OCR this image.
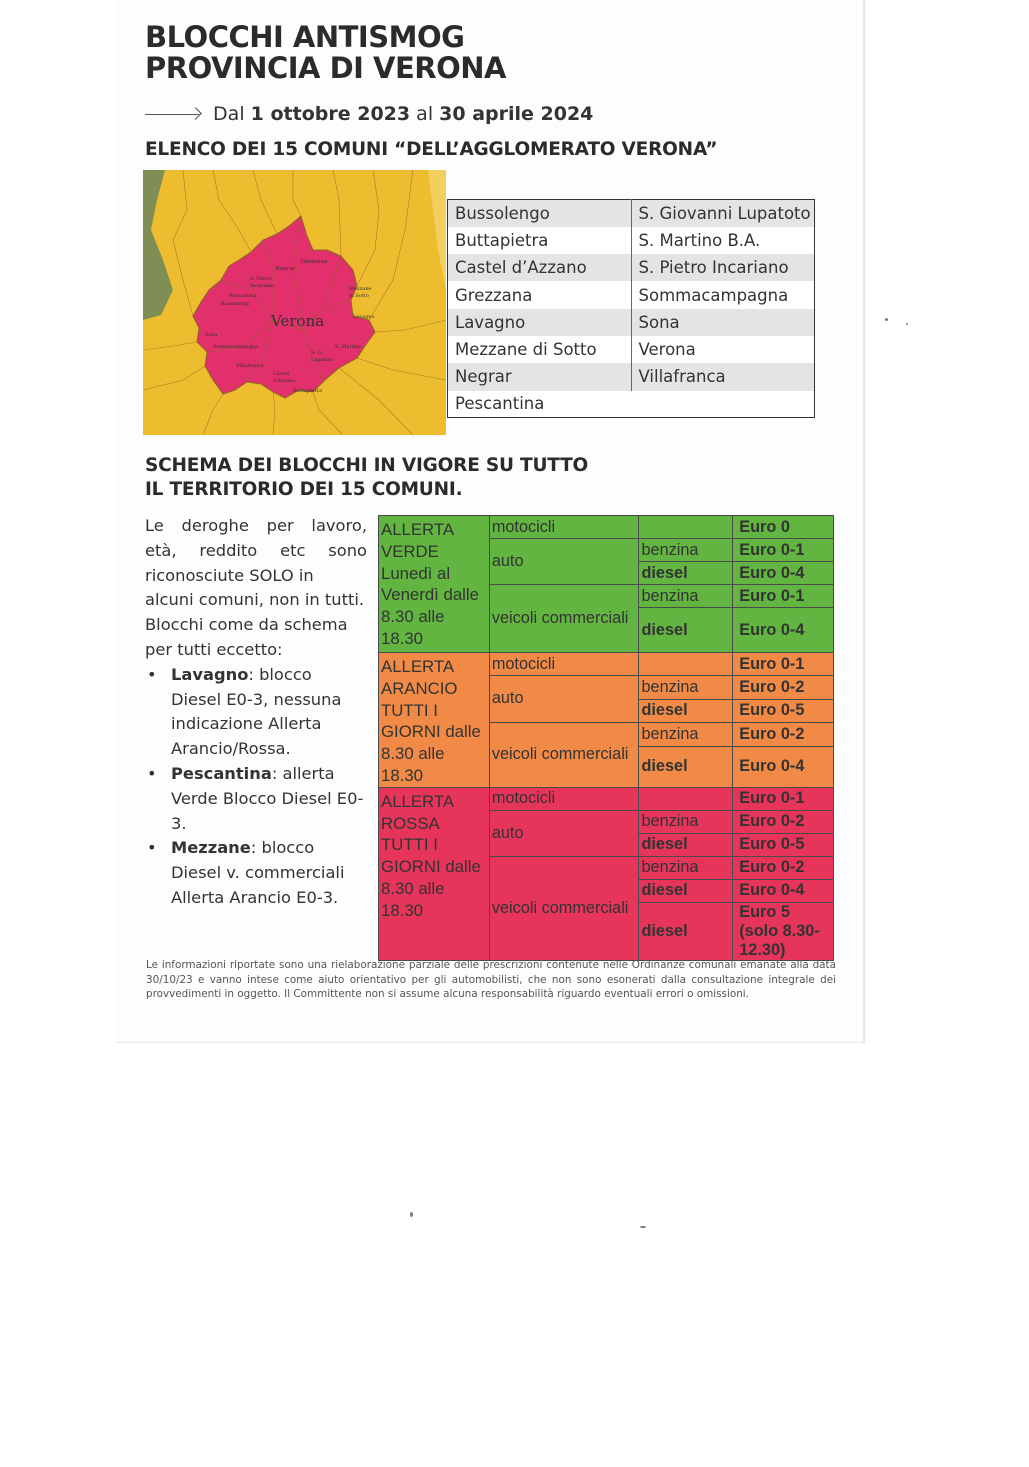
BLOCCHI ANTISMOG
PROVINCIA DI VERONA
Dal 1 ottobre 2023 al 30 aprile 2024
ELENCO DEI 15 COMUNI “DELL’AGGLOMERATO VERONA”
Verona
Negrar
Grezzana
S. Pietro
Incariano
Pescantina
Bussolengo
Sona
Sommacampagna
Villafranca
Castel
d'Azzano
Buttapietra
S. G.
Lupatoto
S. Martino
Lavagno
Mezzane
di Sotto
Bussolengo	S. Giovanni Lupatoto
Buttapietra	S. Martino B.A.
Castel d’Azzano	S. Pietro Incariano
Grezzana	Sommacampagna
Lavagno	Sona
Mezzane di Sotto	Verona
Negrar	Villafranca
Pescantina	
SCHEMA DEI BLOCCHI IN VIGORE SU TUTTO
IL TERRITORIO DEI 15 COMUNI.

Le deroghe per lavoro,

età, reddito etc sono

riconosciute SOLO in alcuni comuni, non in tutti. Blocchi come da schema per tutti eccetto:

• Lavagno: blocco Diesel E0-3, nessuna indicazione Allerta Arancio/Rossa.
• Pescantina: allerta Verde Blocco Diesel E0-3.
• Mezzane: blocco Diesel v. commerciali Allerta Arancio E0-3.
ALLERTA VERDE Lunedì al Venerdì dalle 8.30 alle 18.30	motocicli		Euro 0
	auto	benzina	Euro 0-1
		diesel	Euro 0-4
	veicoli commerciali	benzina	Euro 0-1
		diesel	Euro 0-4
ALLERTA ARANCIO TUTTI I GIORNI dalle 8.30 alle 18.30	motocicli		Euro 0-1
	auto	benzina	Euro 0-2
		diesel	Euro 0-5
	veicoli commerciali	benzina	Euro 0-2
		diesel	Euro 0-4
ALLERTA ROSSA TUTTI I GIORNI dalle 8.30 alle 18.30	motocicli		Euro 0-1
	auto	benzina	Euro 0-2
		diesel	Euro 0-5
	veicoli commerciali	benzina	Euro 0-2
		diesel	Euro 0-4
		diesel	Euro 5 (solo 8.30-12.30)
Le informazioni riportate sono una rielaborazione parziale delle prescrizioni contenute nelle Ordinanze comunali emanate alla data 30/10/23 e vanno intese come aiuto orientativo per gli automobilisti, che non sono esonerati dalla consultazione integrale dei provvedimenti in oggetto. Il Committente non si assume alcuna responsabilità riguardo eventuali errori o omissioni.
